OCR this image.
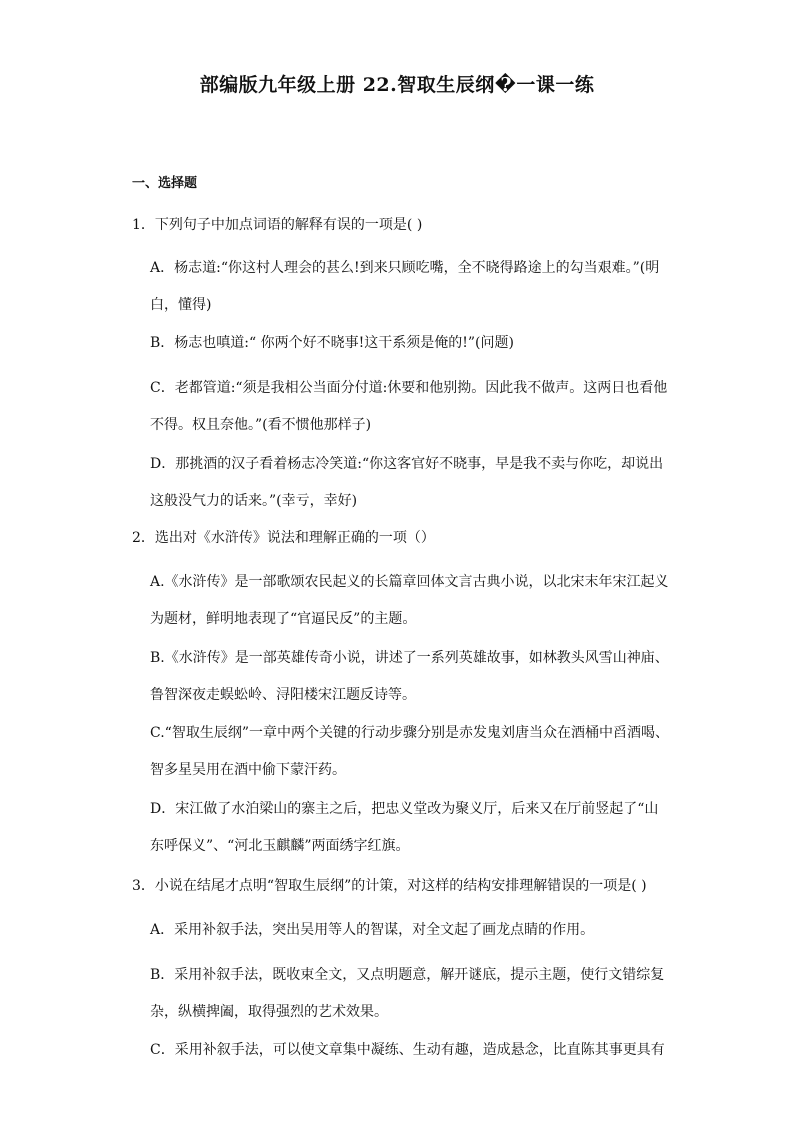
部编版九年级上册 22.智取生辰纲�一课一练
一、选择题
1．下列句子中加点词语的解释有误的一项是( )
A．杨志道:“你这村人理会的甚么!到来只顾吃嘴，全不晓得路途上的勾当艰难。”(明白，懂得)
B．杨志也嗔道:“ 你两个好不晓事!这干系须是俺的!”(问题)
C．老都管道:“须是我相公当面分付道:休要和他别拗。因此我不做声。这两日也看他不得。权且奈他。”(看不惯他那样子)
D．那挑酒的汉子看着杨志冷笑道:“你这客官好不晓事，早是我不卖与你吃，却说出这般没气力的话来。”(幸亏，幸好)
2．选出对《水浒传》说法和理解正确的一项（）
A.《水浒传》是一部歌颂农民起义的长篇章回体文言古典小说，以北宋末年宋江起义为题材，鲜明地表现了“官逼民反”的主题。
B.《水浒传》是一部英雄传奇小说，讲述了一系列英雄故事，如林教头风雪山神庙、鲁智深夜走蜈蚣岭、浔阳楼宋江题反诗等。
C.“智取生辰纲”一章中两个关键的行动步骤分别是赤发鬼刘唐当众在酒桶中舀酒喝、智多星吴用在酒中偷下蒙汗药。
D．宋江做了水泊梁山的寨主之后，把忠义堂改为聚义厅，后来又在厅前竖起了“山东呼保义”、“河北玉麒麟”两面绣字红旗。
3．小说在结尾才点明“智取生辰纲”的计策，对这样的结构安排理解错误的一项是( )
A．采用补叙手法，突出吴用等人的智谋，对全文起了画龙点睛的作用。
B．采用补叙手法，既收束全文，又点明题意，解开谜底，提示主题，使行文错综复杂，纵横捭阖，取得强烈的艺术效果。
C．采用补叙手法，可以使文章集中凝练、生动有趣，造成悬念，比直陈其事更具有
